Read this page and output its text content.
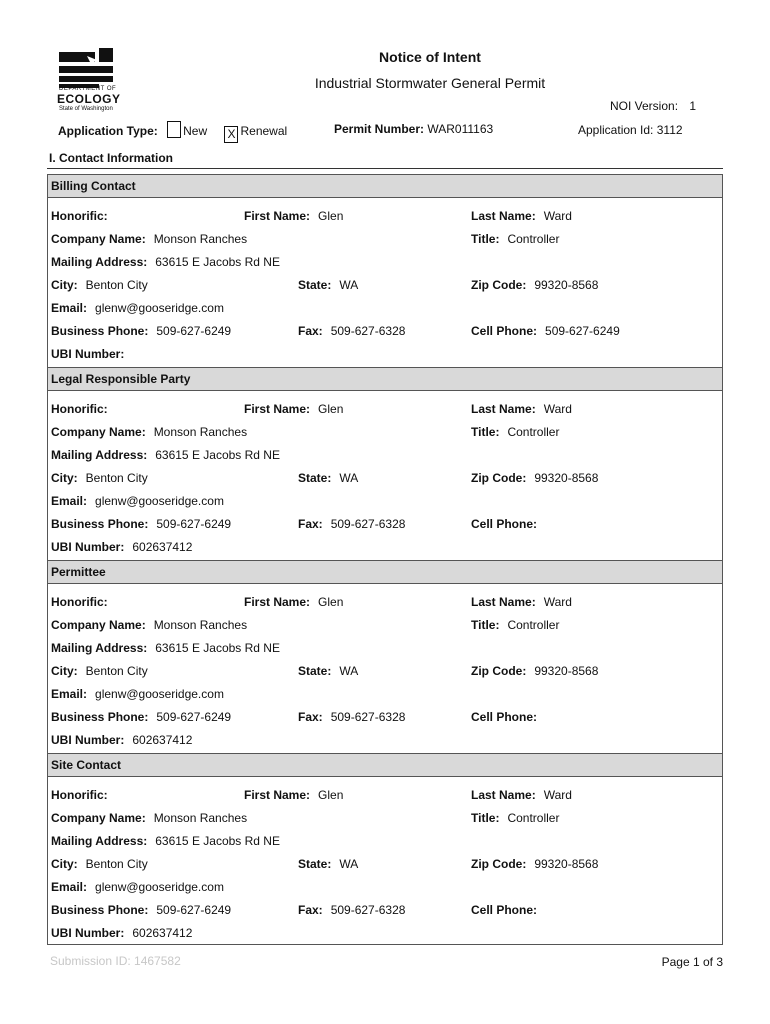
DEPARTMENT OF
ECOLOGY
State of Washington
Notice of Intent
Industrial Stormwater General Permit
NOI Version: 1
Application Type: New X Renewal	Permit Number: WAR011163	Application Id: 3112
I. Contact Information
Billing Contact
Honorific:	First Name: Glen	Last Name: Ward
Company Name: Monson Ranches	Title: Controller
Mailing Address: 63615 E Jacobs Rd NE
City: Benton City	State: WA	Zip Code: 99320-8568
Email: glenw@gooseridge.com
Business Phone: 509-627-6249	Fax: 509-627-6328	Cell Phone: 509-627-6249
UBI Number:
Legal Responsible Party
Honorific:	First Name: Glen	Last Name: Ward
Company Name: Monson Ranches	Title: Controller
Mailing Address: 63615 E Jacobs Rd NE
City: Benton City	State: WA	Zip Code: 99320-8568
Email: glenw@gooseridge.com
Business Phone: 509-627-6249	Fax: 509-627-6328	Cell Phone:
UBI Number: 602637412
Permittee
Honorific:	First Name: Glen	Last Name: Ward
Company Name: Monson Ranches	Title: Controller
Mailing Address: 63615 E Jacobs Rd NE
City: Benton City	State: WA	Zip Code: 99320-8568
Email: glenw@gooseridge.com
Business Phone: 509-627-6249	Fax: 509-627-6328	Cell Phone:
UBI Number: 602637412
Site Contact
Honorific:	First Name: Glen	Last Name: Ward
Company Name: Monson Ranches	Title: Controller
Mailing Address: 63615 E Jacobs Rd NE
City: Benton City	State: WA	Zip Code: 99320-8568
Email: glenw@gooseridge.com
Business Phone: 509-627-6249	Fax: 509-627-6328	Cell Phone:
UBI Number: 602637412
Submission ID: 1467582	Page 1 of 3
